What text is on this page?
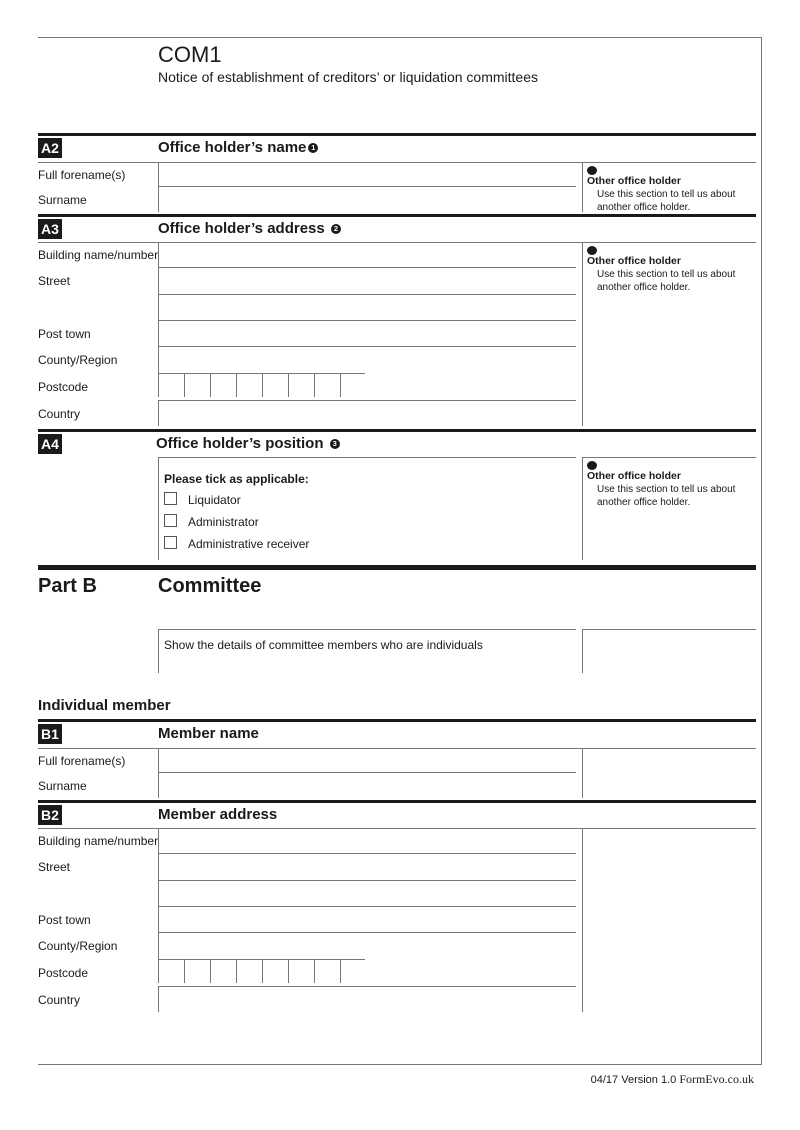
COM1
Notice of establishment of creditors’ or liquidation committees
A2	Office holder’s name 1
Full forename(s)
Surname
1
Other office holder
Use this section to tell us about another office holder.
A3	Office holder’s address 2
Building name/number
Street
Post town
County/Region
Postcode
Country
2
Other office holder
Use this section to tell us about another office holder.
A4	Office holder’s position 3
Please tick as applicable:
Liquidator
Administrator
Administrative receiver
3
Other office holder
Use this section to tell us about another office holder.
Part B	Committee
Show the details of committee members who are individuals
Individual member
B1	Member name
Full forename(s)
Surname
B2	Member address
Building name/number
Street
Post town
County/Region
Postcode
Country
04/17 Version 1.0 FormEvo.co.uk
